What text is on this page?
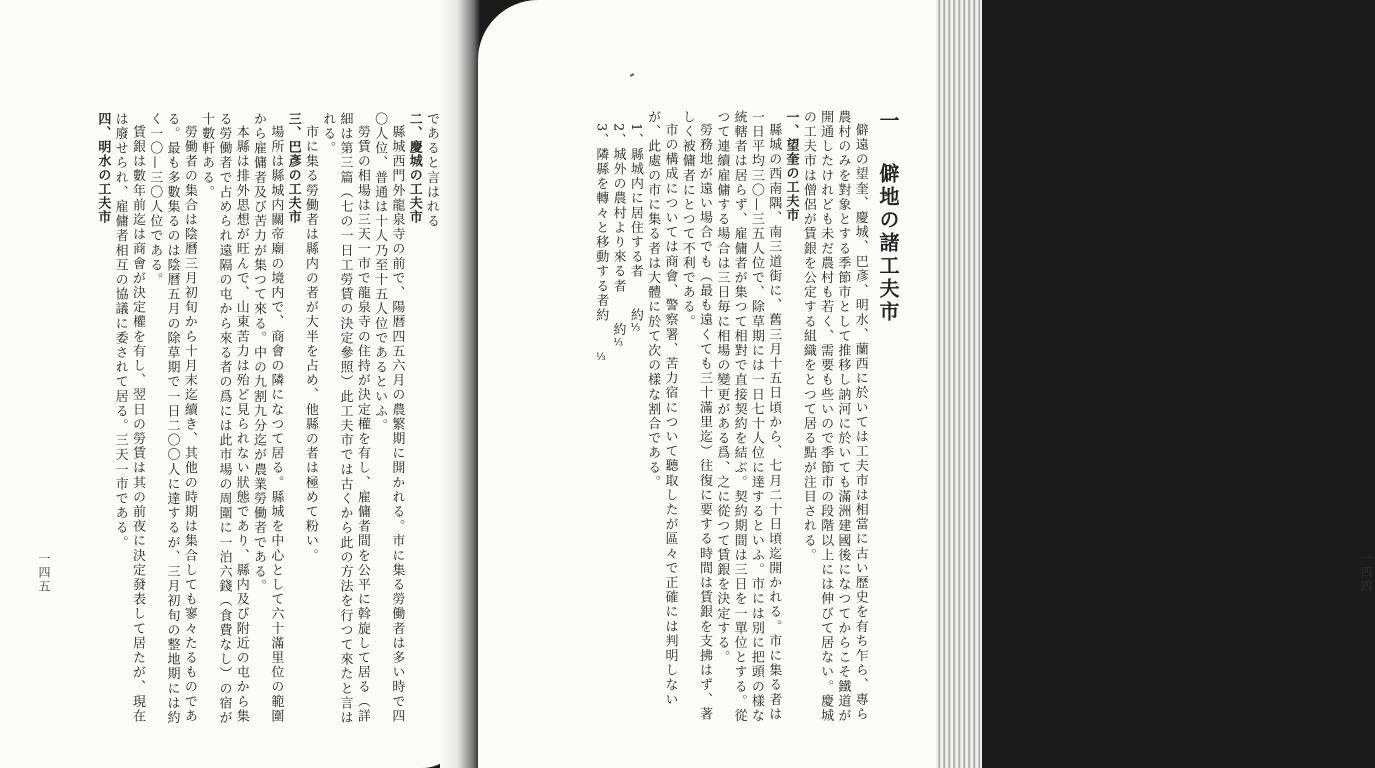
であると言はれる

二、慶城の工夫市

縣城西門外龍泉寺の前で、陽暦四五六月の農繁期に開かれる。市に集る勞働者は多い時で四〇人位、普通は十人乃至十五人位であるといふ。

勞賃の相場は三天一市で龍泉寺の住持が決定權を有し、雇傭者間を公平に斡旋して居る（詳細は第三篇（七の一日工勞賃の決定參照）此工夫市では古くから此の方法を行つて來たと言はれる。

市に集る勞働者は縣内の者が大半を占め、他縣の者は極めて粉い。

三、巴彥の工夫市

場所は縣城内關帝廟の境内で、商會の隣になつて居る。縣城を中心として六十滿里位の範圍から雇傭者及び苦力が集つて來る。中の九割九分迄が農業勞働者である。

本縣は排外思想が旺んで、山東苦力は殆ど見られない狀態であり、縣内及び附近の屯から集る勞働者で占められ遠隔の屯から來る者の爲には此市場の周圍に一泊六錢（食費なし）の宿が十數軒ある。

勞働者の集合は陰曆三月初旬から十月末迄續き、其他の時期は集合しても寥々たるものである。最も多數集るのは陰曆五月の除草期で一日二〇〇人に達するが、三月初旬の整地期には約く一〇—三〇人位である。

賃銀は數年前迄は商會が決定權を有し、翌日の勞賃は其の前夜に決定發表して居たが、現在は廢せられ、雇傭者相互の協議に委されて居る。三天一市である。

四、明水の工夫市
一四五
一 僻地の諸工夫市

僻遠の望奎、慶城、巴彥、明水、蘭西に於いては工夫市は相當に古い歷史を有ち乍ら、專ら農村のみを對象とする季節市として推移し訥河に於いても滿洲建國後になつてからこそ鐵道が開通したけれども未だ農村も若く、需要も些いので季節市の段階以上には伸びて居ない。慶城の工夫市は僧侶が賃銀を公定する組織をとつて居る點が注目される。

一、望奎の工夫市

縣城の西南隅、南三道街に、舊三月十五日頃から、七月二十日頃迄開かれる。市に集る者は一日平均三〇—三五人位で、除草期には一日七十人位に達するといふ。市には別に把頭の樣な統轄者は居らず、雇傭者が集つて相對で直接契約を結ぶ。契約期間は三日を一單位とする。從つて連續雇傭する場合は三日毎に相場の變更がある爲、之に從つて賃銀を決定する。

勞務地が遠い場合でも（最も遠くても三十滿里迄）往復に要する時間は賃銀を支拂はず、著しく被傭者にとつて不利である。

市の構成については商會、警察署、苦力宿について聽取したが區々で正確には判明しないが、此處の市に集る者は大體に於て次の樣な割合である。

1、縣城内に居住する者　　約⅓
2、城外の農村より來る者　　約⅓
3、隣縣を轉々と移動する者約　　⅓
一四四
